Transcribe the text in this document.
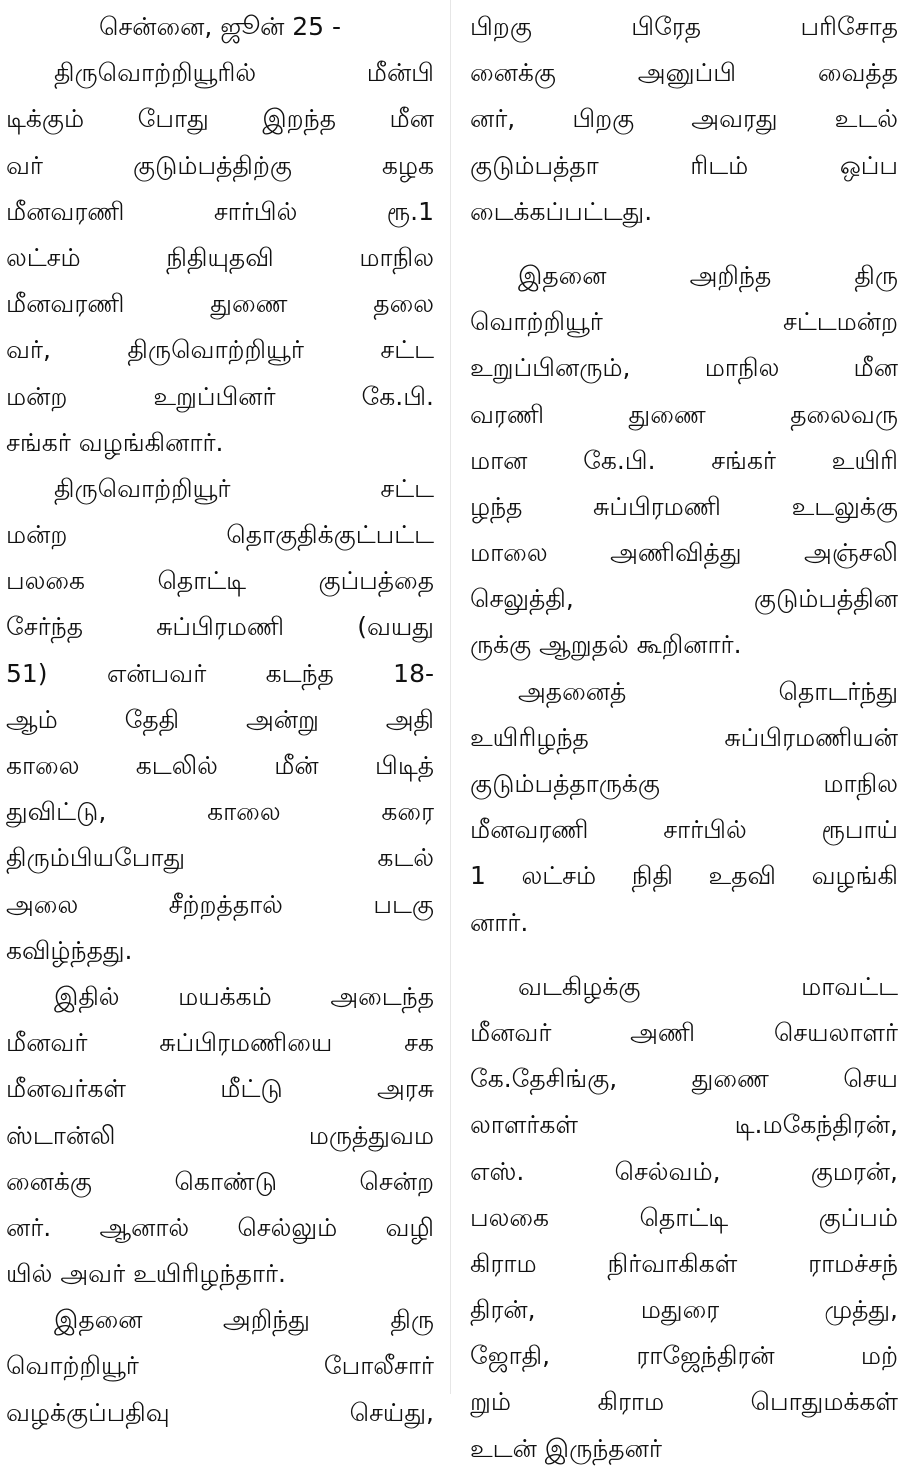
சென்னை, ஜூன் 25 -
திருவொற்றியூரில் மீன்பி
டிக்கும் போது இறந்த மீன
வர் குடும்பத்திற்கு கழக
மீனவரணி சார்பில் ரூ.1
லட்சம் நிதியுதவி மாநில
மீனவரணி துணை தலை
வர், திருவொற்றியூர் சட்ட
மன்ற உறுப்பினர் கே.பி.
சங்கர் வழங்கினார்.
திருவொற்றியூர் சட்ட
மன்ற தொகுதிக்குட்பட்ட
பலகை தொட்டி குப்பத்தை
சேர்ந்த சுப்பிரமணி (வயது
51) என்பவர் கடந்த 18-
ஆம் தேதி அன்று அதி
காலை கடலில் மீன் பிடித்
துவிட்டு, காலை கரை
திரும்பியபோது கடல்
அலை சீற்றத்தால் படகு
கவிழ்ந்தது.
இதில் மயக்கம் அடைந்த
மீனவர் சுப்பிரமணியை சக
மீனவர்கள் மீட்டு அரசு
ஸ்டான்லி மருத்துவம
னைக்கு கொண்டு சென்ற
னர். ஆனால் செல்லும் வழி
யில் அவர் உயிரிழந்தார்.
இதனை அறிந்து திரு
வொற்றியூர் போலீசார்
வழக்குப்பதிவு செய்து,
பிறகு பிரேத பரிசோத
னைக்கு அனுப்பி வைத்த
னர், பிறகு அவரது உடல்
குடும்பத்தா ரிடம் ஒப்ப
டைக்கப்பட்டது.
இதனை அறிந்த திரு
வொற்றியூர் சட்டமன்ற
உறுப்பினரும், மாநில மீன
வரணி துணை தலைவரு
மான கே.பி. சங்கர் உயிரி
ழந்த சுப்பிரமணி உடலுக்கு
மாலை அணிவித்து அஞ்சலி
செலுத்தி, குடும்பத்தின
ருக்கு ஆறுதல் கூறினார்.
அதனைத் தொடர்ந்து
உயிரிழந்த சுப்பிரமணியன்
குடும்பத்தாருக்கு மாநில
மீனவரணி சார்பில் ரூபாய்
1 லட்சம் நிதி உதவி வழங்கி
னார்.
வடகிழக்கு மாவட்ட
மீனவர் அணி செயலாளர்
கே.தேசிங்கு, துணை செய
லாளர்கள் டி.மகேந்திரன்,
எஸ். செல்வம், குமரன்,
பலகை தொட்டி குப்பம்
கிராம நிர்வாகிகள் ராமச்சந்
திரன், மதுரை முத்து,
ஜோதி, ராஜேந்திரன் மற்
றும் கிராம பொதுமக்கள்
உடன் இருந்தனர்
